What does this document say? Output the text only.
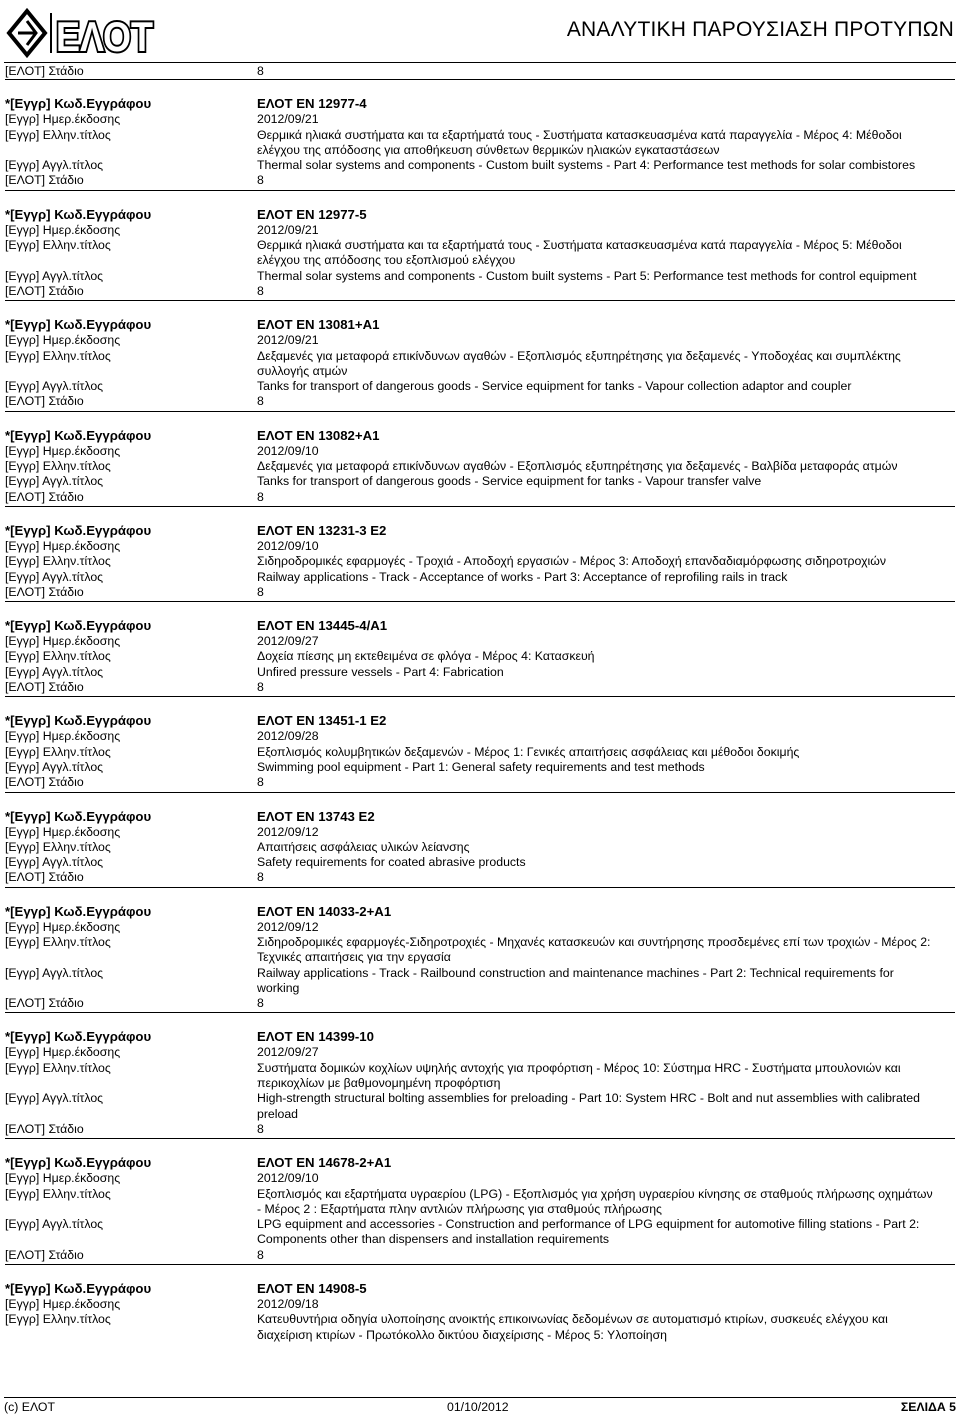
ΕΛΟΤ	ΑΝΑΛΥΤΙΚΗ ΠΑΡΟΥΣΙΑΣΗ ΠΡΟΤΥΠΩΝ
[ΕΛΟΤ] Στάδιο	8
*[Εγγρ] Κωδ.Εγγράφου	ΕΛΟΤ EN 12977-4
[Εγγρ] Ημερ.έκδοσης	2012/09/21
[Εγγρ] Ελλην.τίτλος	Θερμικά ηλιακά συστήματα και τα εξαρτήματά τους - Συστήματα κατασκευασμένα κατά παραγγελία - Μέρος 4: Μέθοδοι ελέγχου της απόδοσης για αποθήκευση σύνθετων θερμικών ηλιακών εγκαταστάσεων
[Εγγρ] Αγγλ.τίτλος	Thermal solar systems and components - Custom built systems - Part 4: Performance test methods for solar combistores
[ΕΛΟΤ] Στάδιο	8
*[Εγγρ] Κωδ.Εγγράφου	ΕΛΟΤ EN 12977-5
[Εγγρ] Ημερ.έκδοσης	2012/09/21
[Εγγρ] Ελλην.τίτλος	Θερμικά ηλιακά συστήματα και τα εξαρτήματά τους - Συστήματα κατασκευασμένα κατά παραγγελία - Μέρος 5: Μέθοδοι ελέγχου της απόδοσης του εξοπλισμού ελέγχου
[Εγγρ] Αγγλ.τίτλος	Thermal solar systems and components - Custom built systems - Part 5: Performance test methods for control equipment
[ΕΛΟΤ] Στάδιο	8
*[Εγγρ] Κωδ.Εγγράφου	ΕΛΟΤ EN 13081+A1
[Εγγρ] Ημερ.έκδοσης	2012/09/21
[Εγγρ] Ελλην.τίτλος	Δεξαμενές για μεταφορά επικίνδυνων αγαθών - Εξοπλισμός εξυπηρέτησης για δεξαμενές - Υποδοχέας και συμπλέκτης συλλογής ατμών
[Εγγρ] Αγγλ.τίτλος	Tanks for transport of dangerous goods - Service equipment for tanks - Vapour collection adaptor and coupler
[ΕΛΟΤ] Στάδιο	8
*[Εγγρ] Κωδ.Εγγράφου	ΕΛΟΤ EN 13082+A1
[Εγγρ] Ημερ.έκδοσης	2012/09/10
[Εγγρ] Ελλην.τίτλος	Δεξαμενές για μεταφορά επικίνδυνων αγαθών - Εξοπλισμός εξυπηρέτησης για δεξαμενές - Βαλβίδα μεταφοράς ατμών
[Εγγρ] Αγγλ.τίτλος	Tanks for transport of dangerous goods - Service equipment for tanks - Vapour transfer valve
[ΕΛΟΤ] Στάδιο	8
*[Εγγρ] Κωδ.Εγγράφου	ΕΛΟΤ EN 13231-3 E2
[Εγγρ] Ημερ.έκδοσης	2012/09/10
[Εγγρ] Ελλην.τίτλος	Σιδηροδρομικές εφαρμογές - Τροχιά - Αποδοχή εργασιών - Μέρος 3: Αποδοχή επανδαδιαμόρφωσης σιδηροτροχιών
[Εγγρ] Αγγλ.τίτλος	Railway applications - Track - Acceptance of works - Part 3: Acceptance of reprofiling rails in track
[ΕΛΟΤ] Στάδιο	8
*[Εγγρ] Κωδ.Εγγράφου	ΕΛΟΤ EN 13445-4/A1
[Εγγρ] Ημερ.έκδοσης	2012/09/27
[Εγγρ] Ελλην.τίτλος	Δοχεία πίεσης μη εκτεθειμένα σε φλόγα - Μέρος 4: Κατασκευή
[Εγγρ] Αγγλ.τίτλος	Unfired pressure vessels - Part 4: Fabrication
[ΕΛΟΤ] Στάδιο	8
*[Εγγρ] Κωδ.Εγγράφου	ΕΛΟΤ EN 13451-1 E2
[Εγγρ] Ημερ.έκδοσης	2012/09/28
[Εγγρ] Ελλην.τίτλος	Εξοπλισμός κολυμβητικών δεξαμενών - Μέρος 1: Γενικές απαιτήσεις ασφάλειας και μέθοδοι δοκιμής
[Εγγρ] Αγγλ.τίτλος	Swimming pool equipment - Part 1: General safety requirements and test methods
[ΕΛΟΤ] Στάδιο	8
*[Εγγρ] Κωδ.Εγγράφου	ΕΛΟΤ EN 13743 E2
[Εγγρ] Ημερ.έκδοσης	2012/09/12
[Εγγρ] Ελλην.τίτλος	Απαιτήσεις ασφάλειας υλικών λείανσης
[Εγγρ] Αγγλ.τίτλος	Safety requirements for coated abrasive products
[ΕΛΟΤ] Στάδιο	8
*[Εγγρ] Κωδ.Εγγράφου	ΕΛΟΤ EN 14033-2+A1
[Εγγρ] Ημερ.έκδοσης	2012/09/12
[Εγγρ] Ελλην.τίτλος	Σιδηροδρομικές εφαρμογές-Σιδηροτροχιές - Μηχανές κατασκευών και συντήρησης προσδεμένες επί των τροχιών - Μέρος 2: Τεχνικές απαιτήσεις για την εργασία
[Εγγρ] Αγγλ.τίτλος	Railway applications - Track - Railbound construction and maintenance machines - Part 2: Technical requirements for working
[ΕΛΟΤ] Στάδιο	8
*[Εγγρ] Κωδ.Εγγράφου	ΕΛΟΤ EN 14399-10
[Εγγρ] Ημερ.έκδοσης	2012/09/27
[Εγγρ] Ελλην.τίτλος	Συστήματα δομικών κοχλίων υψηλής αντοχής για προφόρτιση - Μέρος 10: Σύστημα HRC - Συστήματα μπουλονιών και περικοχλίων με βαθμονομημένη προφόρτιση
[Εγγρ] Αγγλ.τίτλος	High-strength structural bolting assemblies for preloading - Part 10: System HRC - Bolt and nut assemblies with calibrated preload
[ΕΛΟΤ] Στάδιο	8
*[Εγγρ] Κωδ.Εγγράφου	ΕΛΟΤ EN 14678-2+A1
[Εγγρ] Ημερ.έκδοσης	2012/09/10
[Εγγρ] Ελλην.τίτλος	Εξοπλισμός και εξαρτήματα υγραερίου (LPG) - Εξοπλισμός για χρήση υγραερίου κίνησης σε σταθμούς πλήρωσης οχημάτων - Μέρος 2 : Εξαρτήματα πλην αντλιών πλήρωσης για σταθμούς πλήρωσης
[Εγγρ] Αγγλ.τίτλος	LPG equipment and accessories - Construction and performance of LPG equipment for automotive filling stations - Part 2: Components other than dispensers and installation requirements
[ΕΛΟΤ] Στάδιο	8
*[Εγγρ] Κωδ.Εγγράφου	ΕΛΟΤ EN 14908-5
[Εγγρ] Ημερ.έκδοσης	2012/09/18
[Εγγρ] Ελλην.τίτλος	Κατευθυντήρια οδηγία υλοποίησης ανοικτής επικοινωνίας δεδομένων σε αυτοματισμό κτιρίων, συσκευές ελέγχου και διαχείριση κτιρίων - Πρωτόκολλο δικτύου διαχείρισης - Μέρος 5: Υλοποίηση
(c) ΕΛΟΤ	01/10/2012	ΣΕΛΙΔΑ 5
